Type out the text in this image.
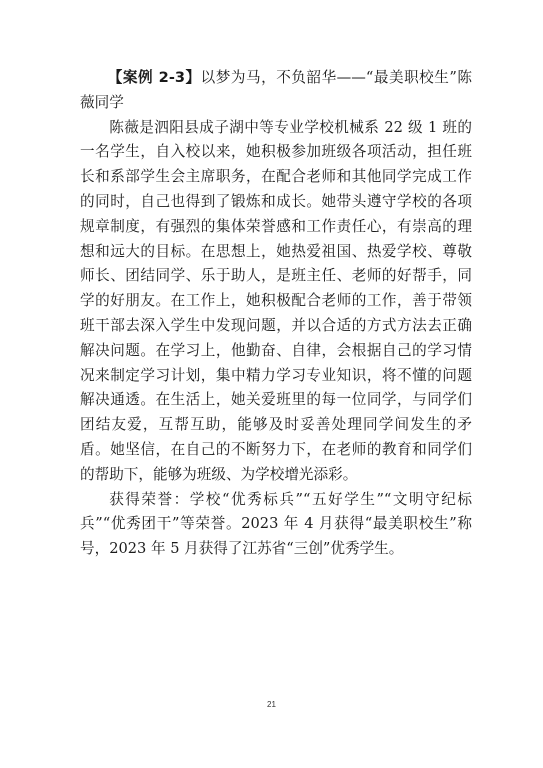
【案例 2-3】以梦为马，不负韶华——“最美职校生”陈薇同学

陈薇是泗阳县成子湖中等专业学校机械系 22 级 1 班的一名学生，自入校以来，她积极参加班级各项活动，担任班长和系部学生会主席职务，在配合老师和其他同学完成工作的同时，自己也得到了锻炼和成长。她带头遵守学校的各项规章制度，有强烈的集体荣誉感和工作责任心，有崇高的理想和远大的目标。在思想上，她热爱祖国、热爱学校、尊敬师长、团结同学、乐于助人，是班主任、老师的好帮手，同学的好朋友。在工作上，她积极配合老师的工作，善于带领班干部去深入学生中发现问题，并以合适的方式方法去正确解决问题。在学习上，他勤奋、自律，会根据自己的学习情况来制定学习计划，集中精力学习专业知识，将不懂的问题解决通透。在生活上，她关爱班里的每一位同学，与同学们团结友爱，互帮互助，能够及时妥善处理同学间发生的矛盾。她坚信，在自己的不断努力下，在老师的教育和同学们的帮助下，能够为班级、为学校增光添彩。

获得荣誉：学校“优秀标兵”“五好学生”“文明守纪标兵”“优秀团干”等荣誉。2023 年 4 月获得“最美职校生”称号，2023 年 5 月获得了江苏省“三创”优秀学生。

21
